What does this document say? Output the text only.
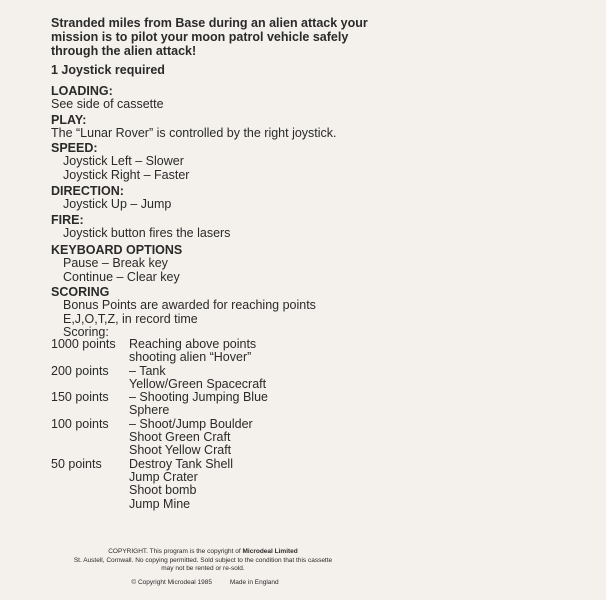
Stranded miles from Base during an alien attack your mission is to pilot your moon patrol vehicle safely through the alien attack!

1 Joystick required

LOADING:

See side of cassette

PLAY:

The “Lunar Rover” is controlled by the right joystick.

SPEED:

Joystick Left – Slower

Joystick Right – Faster

DIRECTION:

Joystick Up – Jump

FIRE:

Joystick button fires the lasers

KEYBOARD OPTIONS

Pause – Break key

Continue – Clear key

SCORING

Bonus Points are awarded for reaching points

E,J,O,T,Z, in record time

Scoring:

1000 points	Reaching above points
shooting alien “Hover”
200 points	– Tank
Yellow/Green Spacecraft
150 points	– Shooting Jumping Blue
Sphere
100 points	– Shoot/Jump Boulder
Shoot Green Craft
Shoot Yellow Craft
50 points	Destroy Tank Shell
Jump Crater
Shoot bomb
Jump Mine
COPYRIGHT. This program is the copyright of Microdeal Limited
St. Austell, Cornwall. No copying permitted. Sold subject to the condition that this cassette
may not be rented or re-sold.
© Copyright Microdeal 1985	Made in England
